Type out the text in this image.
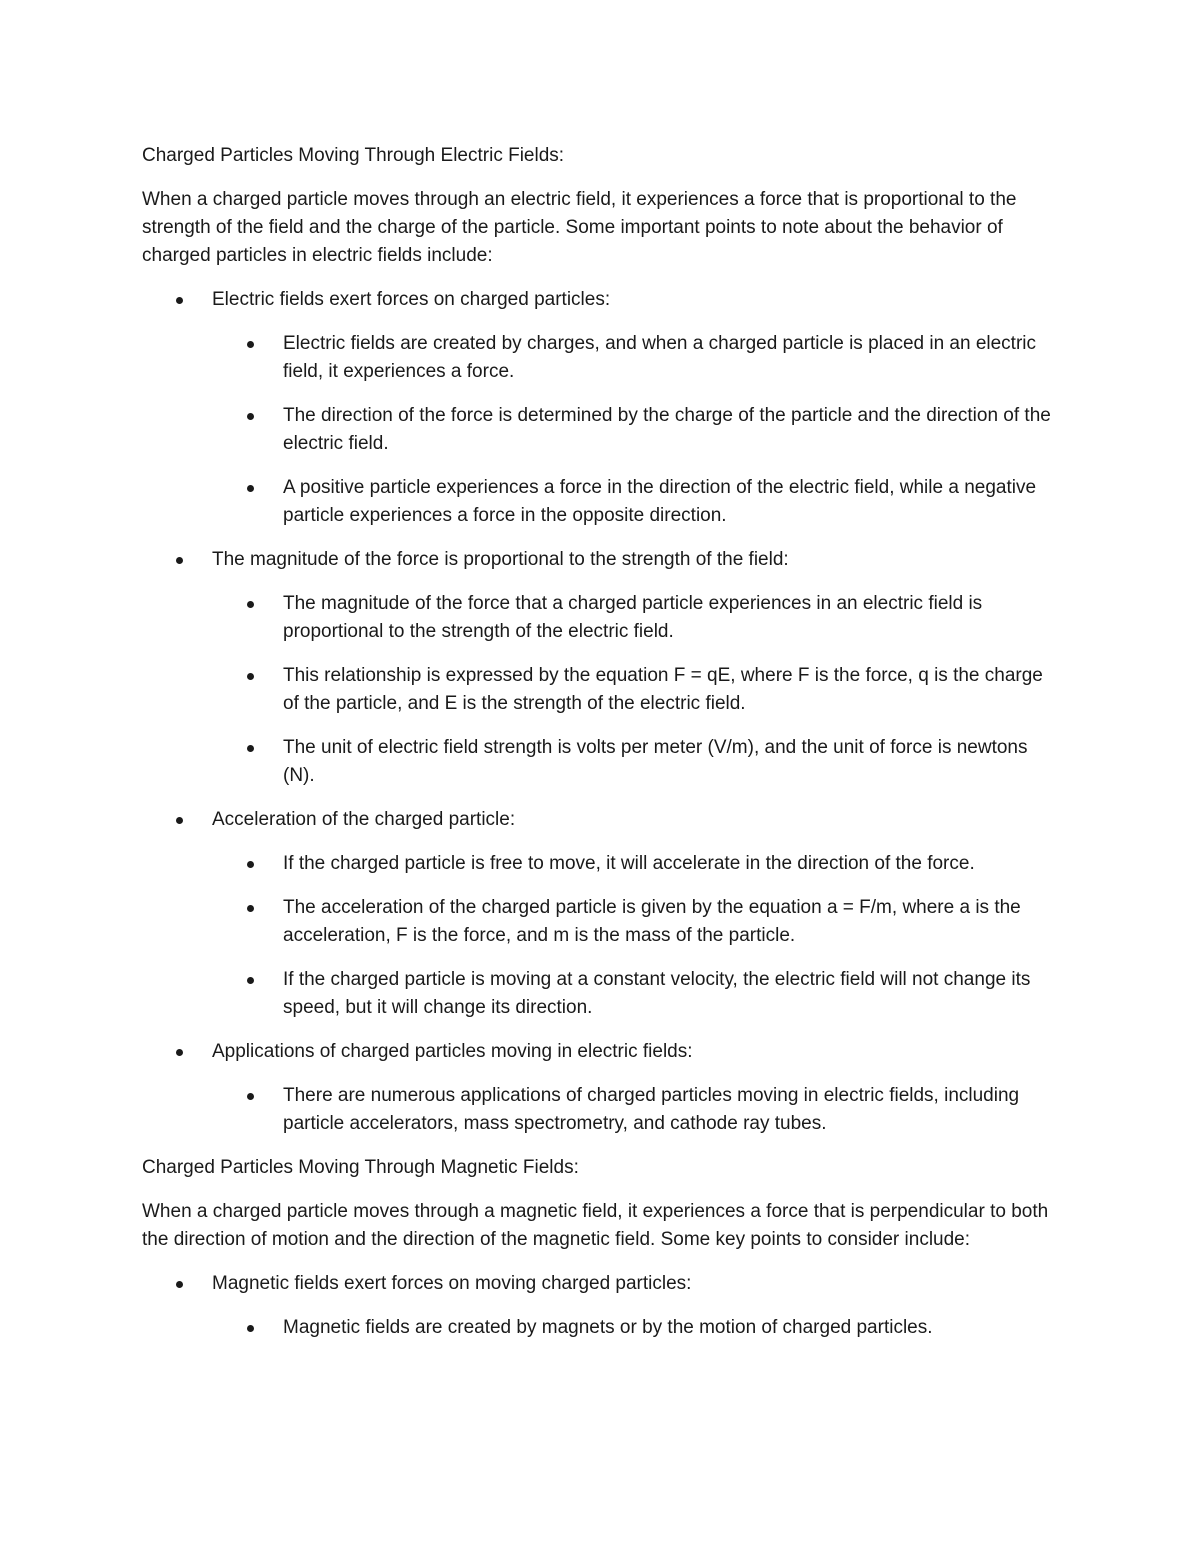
Charged Particles Moving Through Electric Fields:
When a charged particle moves through an electric field, it experiences a force that is proportional to the strength of the field and the charge of the particle. Some important points to note about the behavior of charged particles in electric fields include:
Electric fields exert forces on charged particles:
Electric fields are created by charges, and when a charged particle is placed in an electric field, it experiences a force.
The direction of the force is determined by the charge of the particle and the direction of the electric field.
A positive particle experiences a force in the direction of the electric field, while a negative particle experiences a force in the opposite direction.
The magnitude of the force is proportional to the strength of the field:
The magnitude of the force that a charged particle experiences in an electric field is proportional to the strength of the electric field.
This relationship is expressed by the equation F = qE, where F is the force, q is the charge of the particle, and E is the strength of the electric field.
The unit of electric field strength is volts per meter (V/m), and the unit of force is newtons (N).
Acceleration of the charged particle:
If the charged particle is free to move, it will accelerate in the direction of the force.
The acceleration of the charged particle is given by the equation a = F/m, where a is the acceleration, F is the force, and m is the mass of the particle.
If the charged particle is moving at a constant velocity, the electric field will not change its speed, but it will change its direction.
Applications of charged particles moving in electric fields:
There are numerous applications of charged particles moving in electric fields, including particle accelerators, mass spectrometry, and cathode ray tubes.
Charged Particles Moving Through Magnetic Fields:
When a charged particle moves through a magnetic field, it experiences a force that is perpendicular to both the direction of motion and the direction of the magnetic field. Some key points to consider include:
Magnetic fields exert forces on moving charged particles:
Magnetic fields are created by magnets or by the motion of charged particles.
